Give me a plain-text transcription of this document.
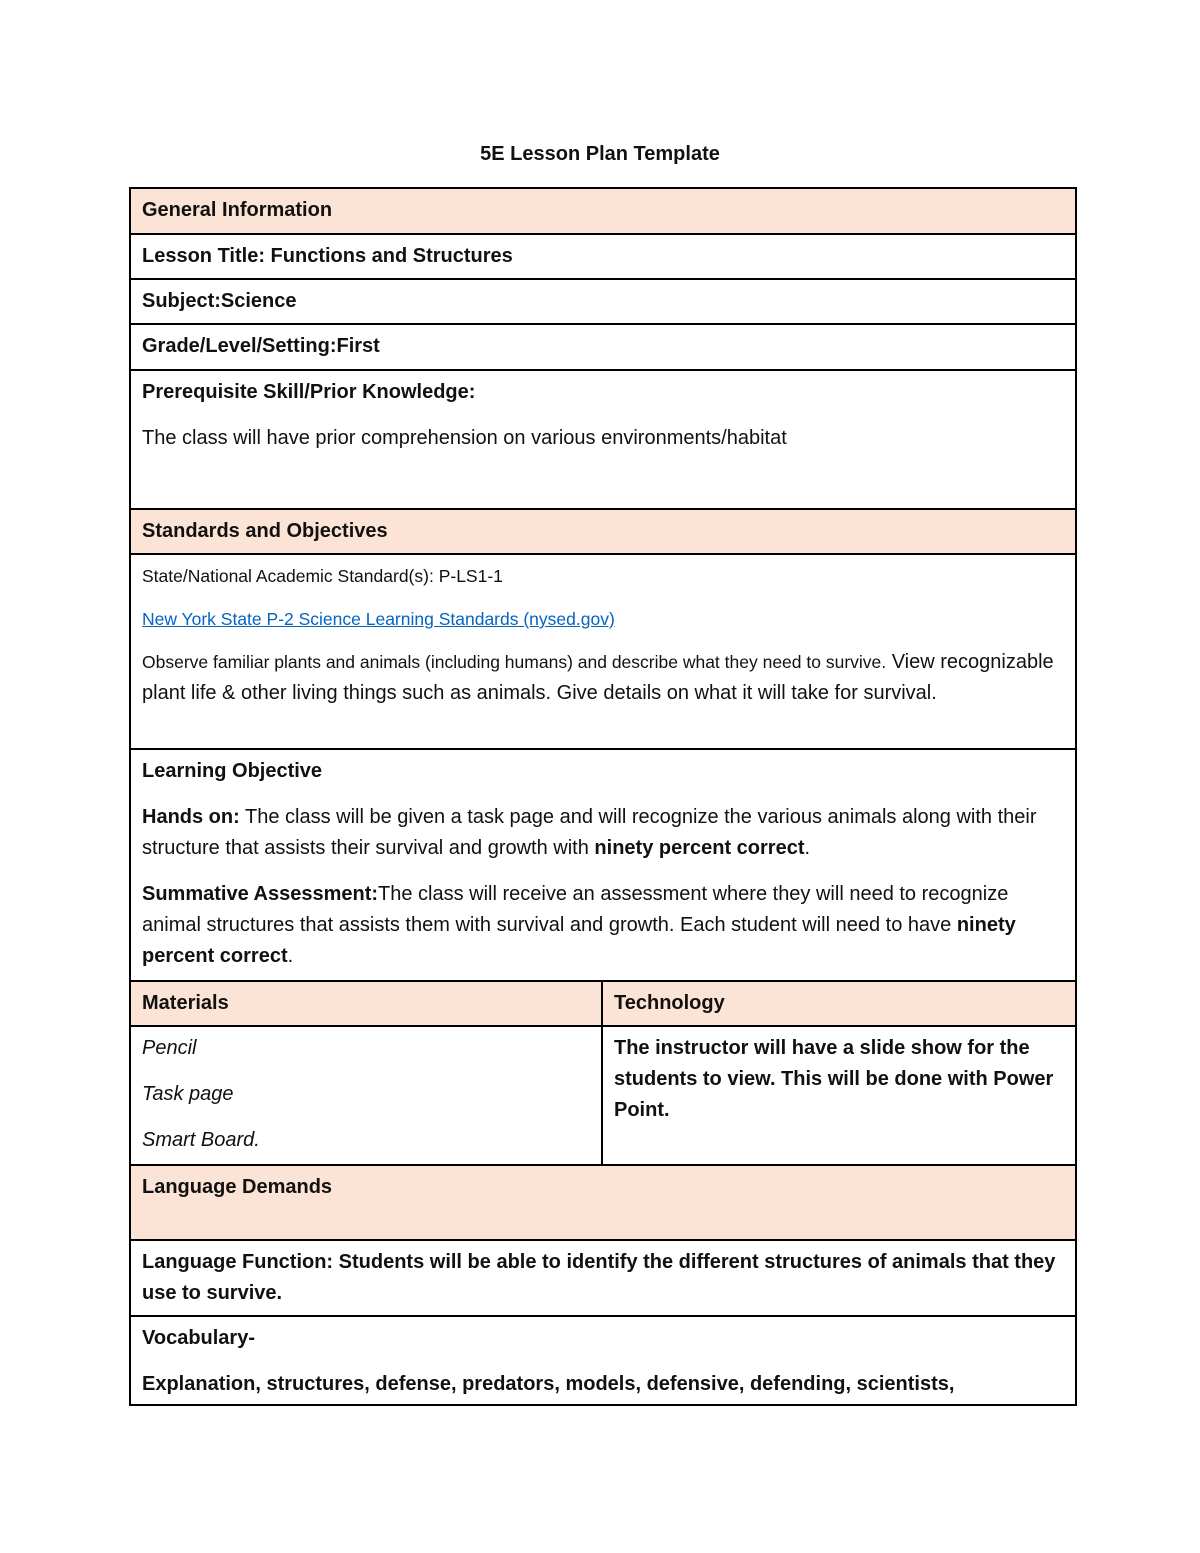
5E Lesson Plan Template
General Information	
Lesson Title: Functions and Structures	
Subject:Science	
Grade/Level/Setting:First	

Prerequisite Skill/Prior Knowledge:

The class will have prior comprehension on various environments/habitat	

Standards and Objectives	

State/National Academic Standard(s): P-LS1-1

New York State P-2 Science Learning Standards (nysed.gov)

Observe familiar plants and animals (including humans) and describe what they need to survive. View recognizable plant life & other living things such as animals. Give details on what it will take for survival.	

Learning Objective

Hands on: The class will be given a task page and will recognize the various animals along with their structure that assists their survival and growth with ninety percent correct.

Summative Assessment:The class will receive an assessment where they will need to recognize animal structures that assists them with survival and growth. Each student will need to have ninety percent correct.	

Materials	Technology

Pencil

Task page

Smart Board.	The instructor will have a slide show for the students to view. This will be done with Power Point.

Language Demands	
Language Function: Students will be able to identify the different structures of animals that they use to survive.	

Vocabulary-

Explanation, structures, defense, predators, models, defensive, defending, scientists,	
